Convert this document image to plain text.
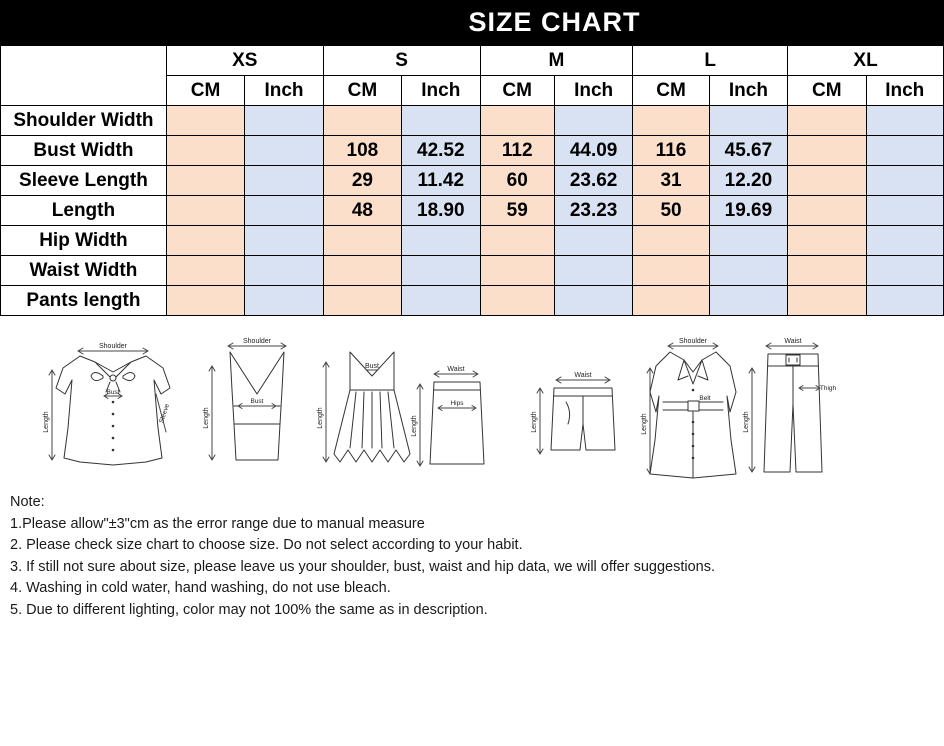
SIZE CHART
	XS		S		M		L		XL	
	CM	Inch	CM	Inch	CM	Inch	CM	Inch	CM	Inch
Shoulder Width										
Bust Width			108	42.52	112	44.09	116	45.67		
Sleeve Length			29	11.42	60	23.62	31	12.20		
Length			48	18.90	59	23.23	50	19.69		
Hip Width										
Waist Width										
Pants length										
Shoulder
Length
Bust
Sleeve
Shoulder
Length
Bust
Bust
Length
Waist
Length
Hips
Waist
Length
Shoulder
Length
Belt
Waist
Length
Thigh
Note:
1.Please allow"±3"cm as the error range due to manual measure
2. Please check size chart to choose size. Do not select according to your habit.
3. If still not sure about size, please leave us your shoulder, bust, waist and hip data, we will offer suggestions.
4. Washing in cold water, hand washing, do not use bleach.
5. Due to different lighting, color may not 100% the same as in description.
